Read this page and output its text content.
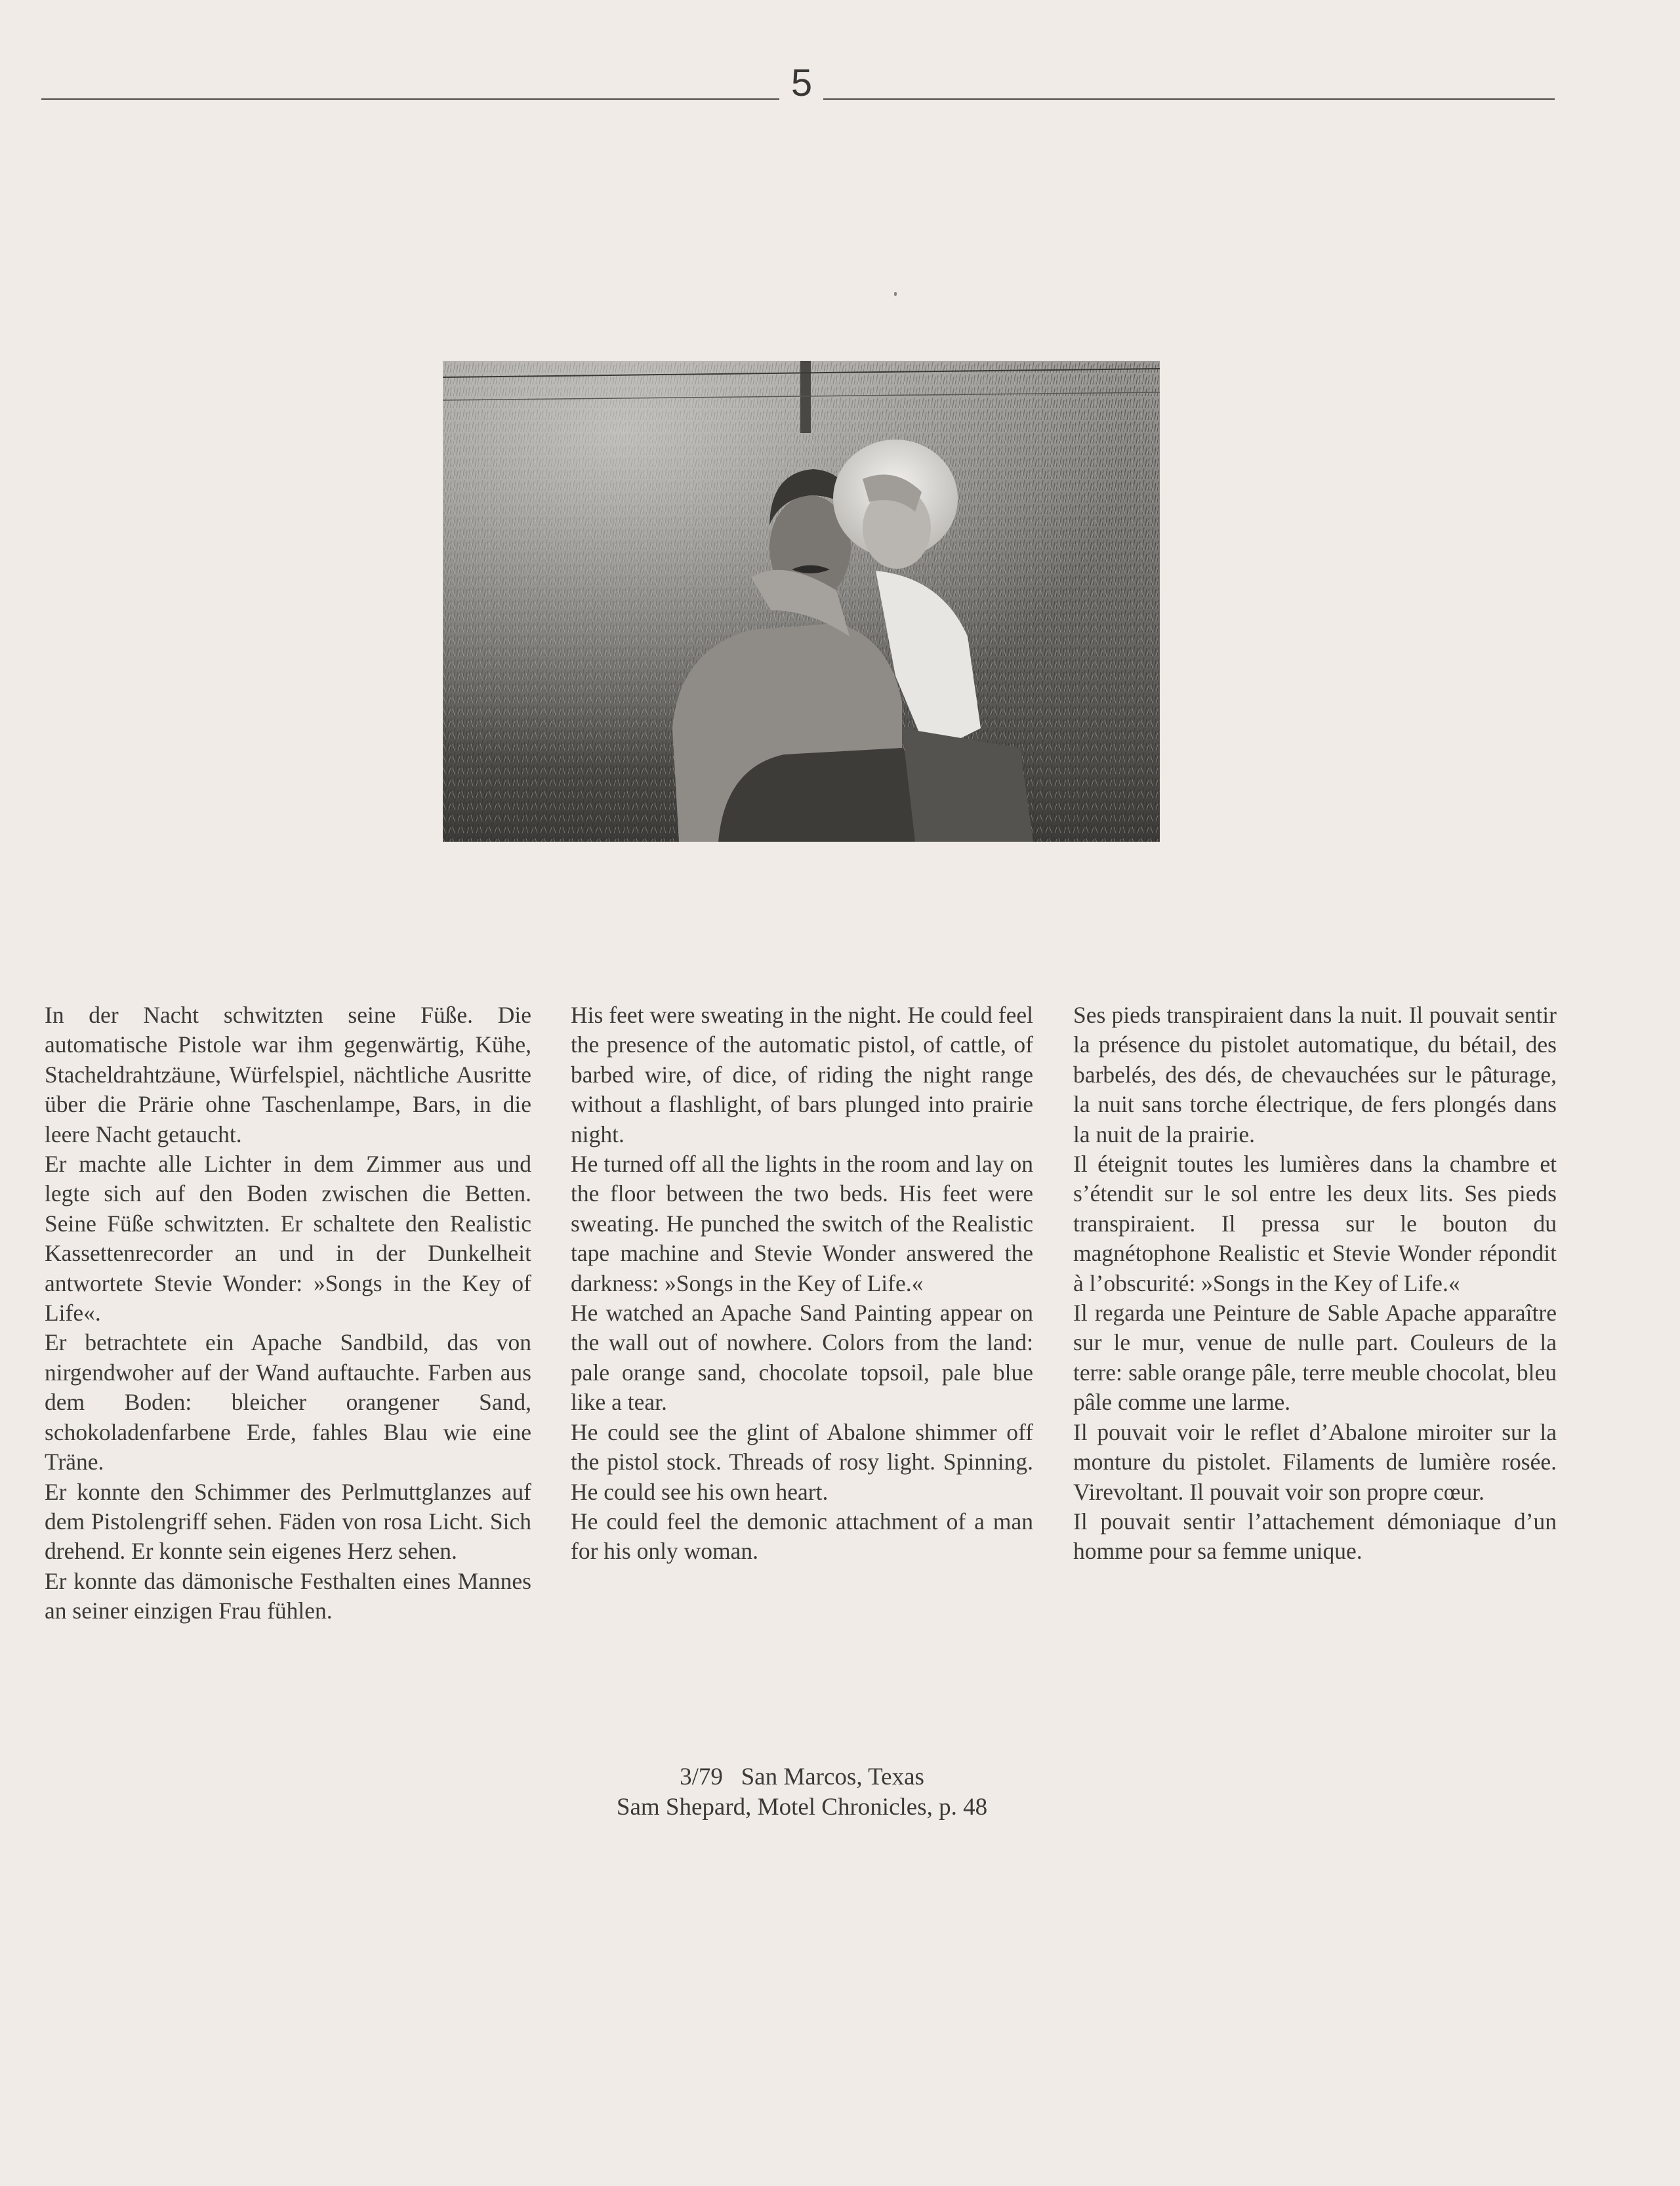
5

In der Nacht schwitzten seine Füße. Die automatische Pistole war ihm gegenwärtig, Kühe, Stacheldrahtzäune, Würfelspiel, nächtliche Ausritte über die Prärie ohne Taschenlampe, Bars, in die leere Nacht getaucht.

Er machte alle Lichter in dem Zimmer aus und legte sich auf den Boden zwischen die Betten. Seine Füße schwitzten. Er schaltete den Realistic Kassettenrecorder an und in der Dunkelheit antwortete Stevie Wonder: »Songs in the Key of Life«.

Er betrachtete ein Apache Sandbild, das von nirgendwoher auf der Wand auftauchte. Farben aus dem Boden: bleicher orangener Sand, schokoladenfarbene Erde, fahles Blau wie eine Träne.

Er konnte den Schimmer des Perlmuttglanzes auf dem Pistolengriff sehen. Fäden von rosa Licht. Sich drehend. Er konnte sein eigenes Herz sehen.

Er konnte das dämonische Festhalten eines Mannes an seiner einzigen Frau fühlen.

His feet were sweating in the night. He could feel the presence of the automatic pistol, of cattle, of barbed wire, of dice, of riding the night range without a flashlight, of bars plunged into prairie night.

He turned off all the lights in the room and lay on the floor between the two beds. His feet were sweating. He punched the switch of the Realistic tape machine and Stevie Wonder answered the darkness: »Songs in the Key of Life.«

He watched an Apache Sand Painting appear on the wall out of nowhere. Colors from the land: pale orange sand, chocolate topsoil, pale blue like a tear.

He could see the glint of Abalone shimmer off the pistol stock. Threads of rosy light. Spinning. He could see his own heart.

He could feel the demonic attachment of a man for his only woman.

Ses pieds transpiraient dans la nuit. Il pouvait sentir la présence du pistolet automatique, du bétail, des barbelés, des dés, de chevauchées sur le pâturage, la nuit sans torche électrique, de fers plongés dans la nuit de la prairie.

Il éteignit toutes les lumières dans la chambre et s’étendit sur le sol entre les deux lits. Ses pieds transpiraient. Il pressa sur le bouton du magnétophone Realistic et Stevie Wonder répondit à l’obscurité: »Songs in the Key of Life.«

Il regarda une Peinture de Sable Apache apparaître sur le mur, venue de nulle part. Couleurs de la terre: sable orange pâle, terre meuble chocolat, bleu pâle comme une larme.

Il pouvait voir le reflet d’Abalone miroiter sur la monture du pistolet. Filaments de lumière rosée. Virevoltant. Il pouvait voir son propre cœur.

Il pouvait sentir l’attachement démoniaque d’un homme pour sa femme unique.

3/79   San Marcos, Texas
Sam Shepard, Motel Chronicles, p. 48
